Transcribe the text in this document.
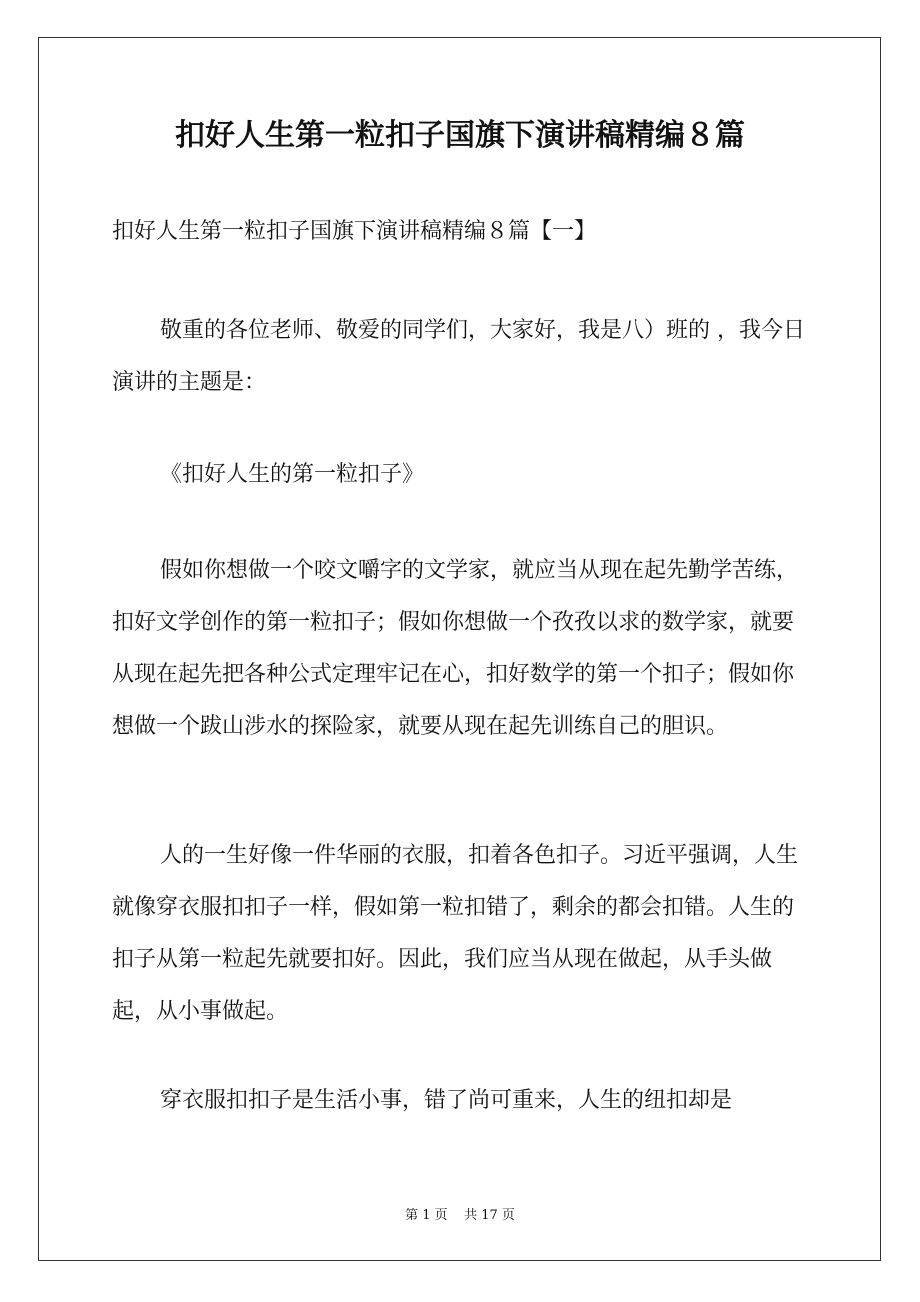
扣好人生第一粒扣子国旗下演讲稿精编８篇
扣好人生第一粒扣子国旗下演讲稿精编８篇【一】

敬重的各位老师、敬爱的同学们，大家好，我是八）班的 ，我今日演讲的主题是：

《扣好人生的第一粒扣子》

假如你想做一个咬文嚼字的文学家，就应当从现在起先勤学苦练，扣好文学创作的第一粒扣子；假如你想做一个孜孜以求的数学家，就要从现在起先把各种公式定理牢记在心，扣好数学的第一个扣子；假如你想做一个跋山涉水的探险家，就要从现在起先训练自己的胆识。

人的一生好像一件华丽的衣服，扣着各色扣子。习近平强调，人生就像穿衣服扣扣子一样，假如第一粒扣错了，剩余的都会扣错。人生的扣子从第一粒起先就要扣好。因此，我们应当从现在做起，从手头做起，从小事做起。

穿衣服扣扣子是生活小事，错了尚可重来，人生的纽扣却是

第 1 页    共 17 页
